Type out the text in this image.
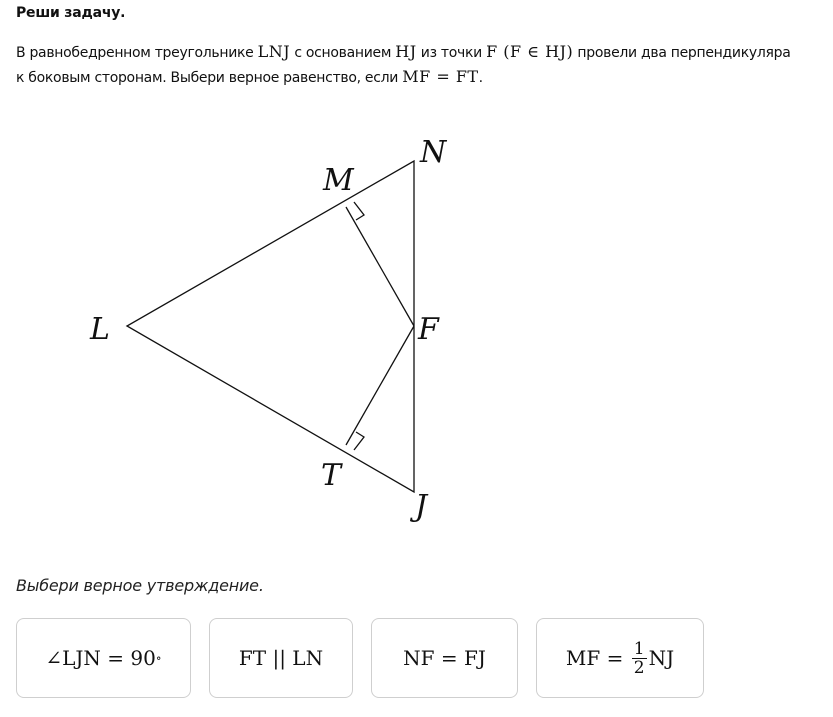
Реши задачу.
В равнобедренном треугольнике LNJ с основанием HJ из точки F (F ∈ HJ) провели два перпендикуляра к боковым сторонам. Выбери верное равенство, если MF = FT.
N
M
L	F
T
J
Выбери верное утверждение.
∠LJN = 90 ∘	FT || LN	NF = FJ	MF = $\frac{1}{2}$ NJ
